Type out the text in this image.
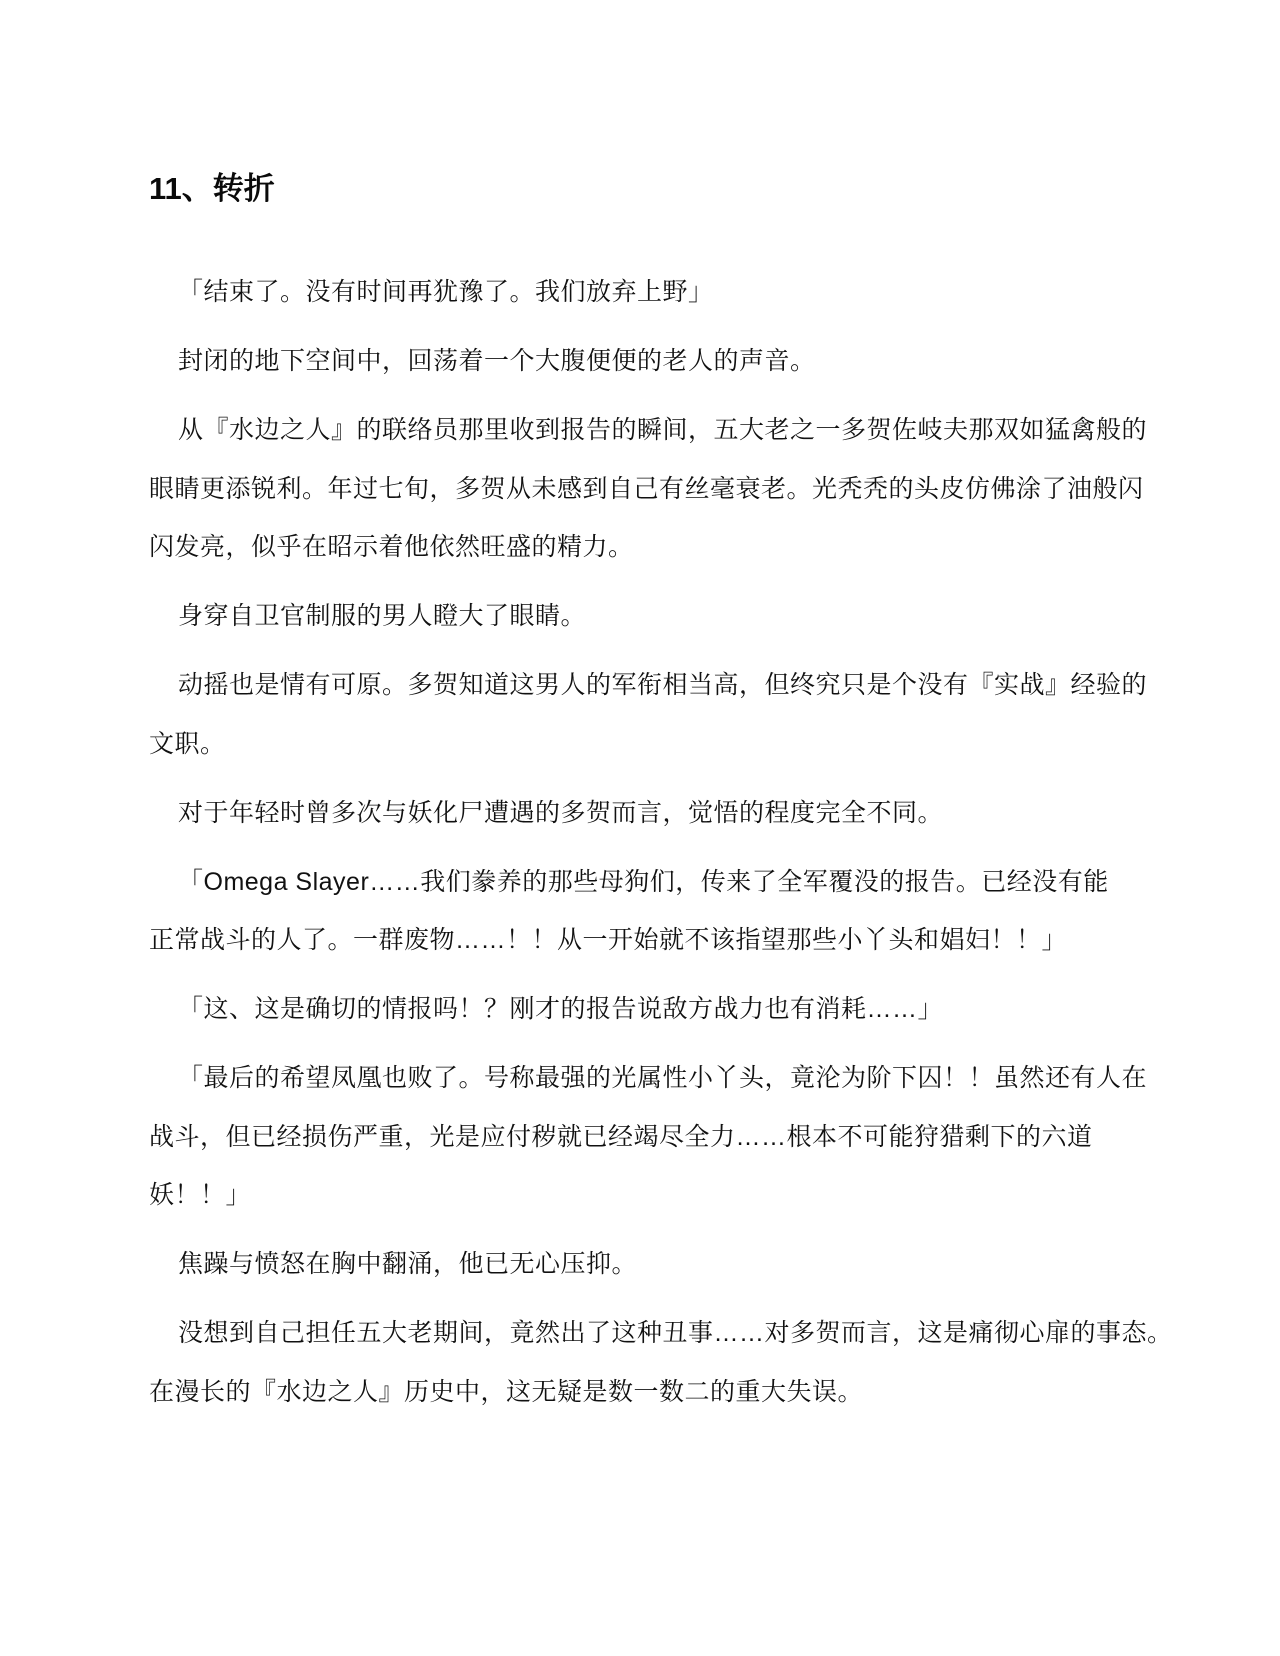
11、转折

「结束了。没有时间再犹豫了。我们放弃上野」

封闭的地下空间中，回荡着一个大腹便便的老人的声音。

从『水边之人』的联络员那里收到报告的瞬间，五大老之一多贺佐岐夫那双如猛禽般的
眼睛更添锐利。年过七旬，多贺从未感到自己有丝毫衰老。光秃秃的头皮仿佛涂了油般闪
闪发亮，似乎在昭示着他依然旺盛的精力。

身穿自卫官制服的男人瞪大了眼睛。

动摇也是情有可原。多贺知道这男人的军衔相当高，但终究只是个没有『实战』经验的
文职。

对于年轻时曾多次与妖化尸遭遇的多贺而言，觉悟的程度完全不同。

「Omega Slayer……我们豢养的那些母狗们，传来了全军覆没的报告。已经没有能
正常战斗的人了。一群废物……！！从一开始就不该指望那些小丫头和娼妇！！」

「这、这是确切的情报吗！？刚才的报告说敌方战力也有消耗……」

「最后的希望凤凰也败了。号称最强的光属性小丫头，竟沦为阶下囚！！虽然还有人在
战斗，但已经损伤严重，光是应付秽就已经竭尽全力……根本不可能狩猎剩下的六道
妖！！」

焦躁与愤怒在胸中翻涌，他已无心压抑。

没想到自己担任五大老期间，竟然出了这种丑事……对多贺而言，这是痛彻心扉的事态。
在漫长的『水边之人』历史中，这无疑是数一数二的重大失误。
